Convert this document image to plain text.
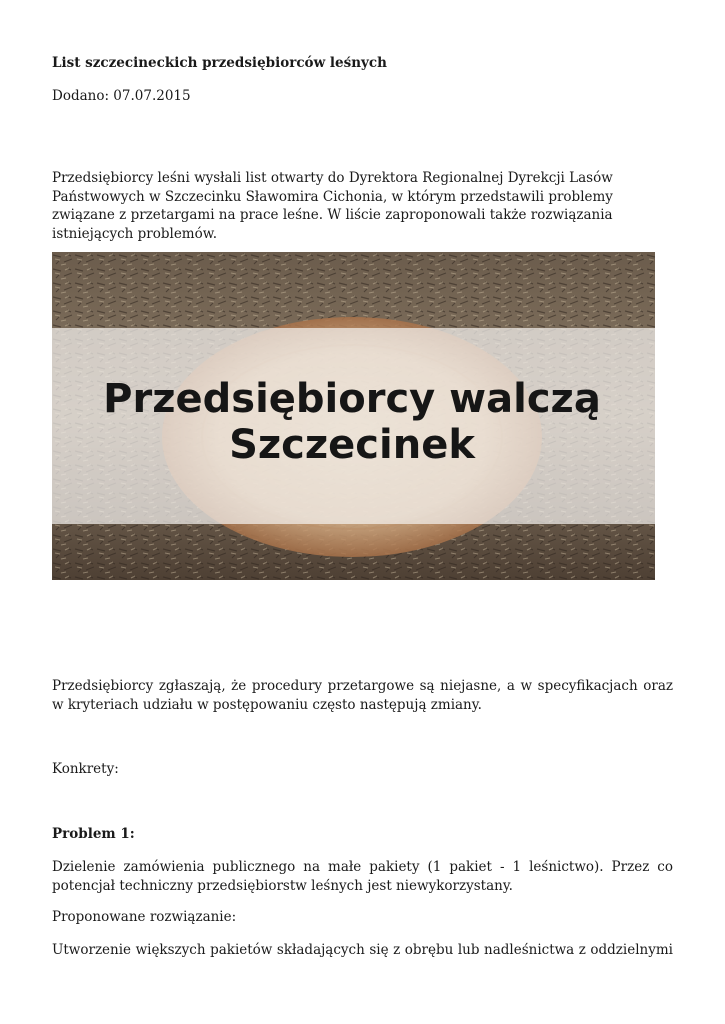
List szczecineckich przedsiębiorców leśnych
Dodano: 07.07.2015

Przedsiębiorcy leśni wysłali list otwarty do Dyrektora Regionalnej Dyrekcji Lasów Państwowych w Szczecinku Sławomira Cichonia, w którym przedstawili problemy związane z przetargami na prace leśne. W liście zaproponowali także rozwiązania istniejących problemów.

Przedsiębiorcy walczą
Szczecinek

Przedsiębiorcy zgłaszają, że procedury przetargowe są niejasne, a w specyfikacjach oraz w kryteriach udziału w postępowaniu często następują zmiany.

Konkrety:

Problem 1:

Dzielenie zamówienia publicznego na małe pakiety (1 pakiet - 1 leśnictwo). Przez co potencjał techniczny przedsiębiorstw leśnych jest niewykorzystany.

Proponowane rozwiązanie:

Utworzenie większych pakietów składających się z obrębu lub nadleśnictwa z oddzielnymi
